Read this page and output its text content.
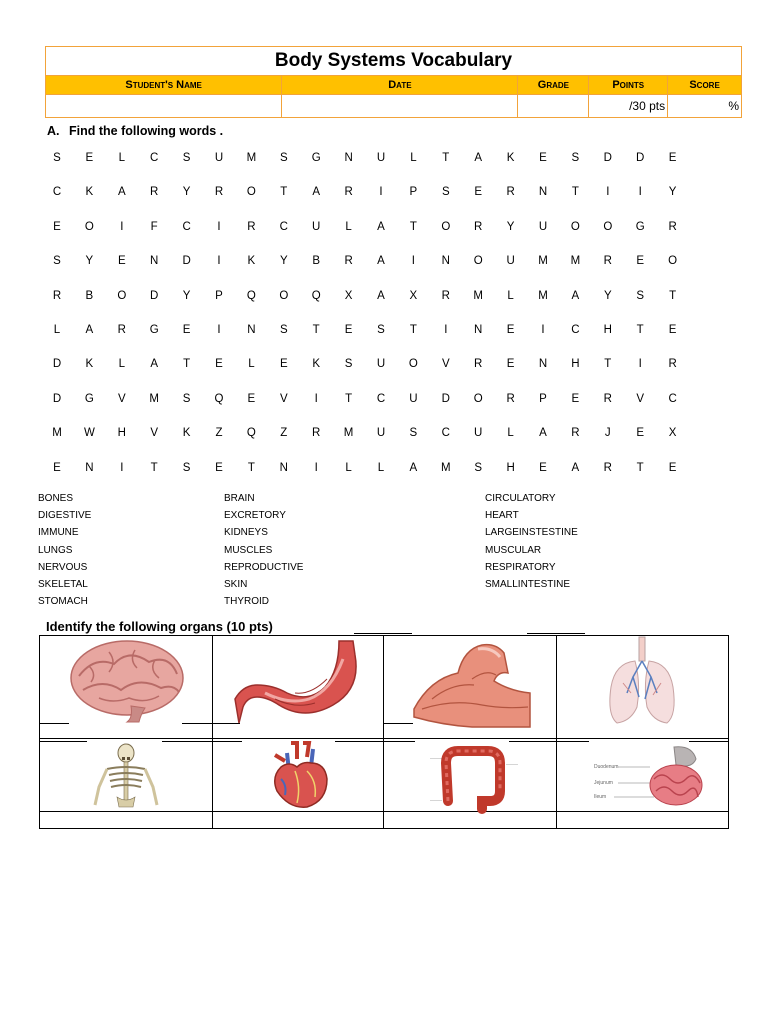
Body Systems Vocabulary				
Student's Name	Date	Grade	Points	Score
			/30 pts	%
A. Find the following words .
S	E	L	C	S	U	M	S	G	N	U	L	T	A	K	E	S	D	D	E
C	K	A	R	Y	R	O	T	A	R	I	P	S	E	R	N	T	I	I	Y
E	O	I	F	C	I	R	C	U	L	A	T	O	R	Y	U	O	O	G	R
S	Y	E	N	D	I	K	Y	B	R	A	I	N	O	U	M	M	R	E	O
R	B	O	D	Y	P	Q	O	Q	X	A	X	R	M	L	M	A	Y	S	T
L	A	R	G	E	I	N	S	T	E	S	T	I	N	E	I	C	H	T	E
D	K	L	A	T	E	L	E	K	S	U	O	V	R	E	N	H	T	I	R
D	G	V	M	S	Q	E	V	I	T	C	U	D	O	R	P	E	R	V	C
M	W	H	V	K	Z	Q	Z	R	M	U	S	C	U	L	A	R	J	E	X
E	N	I	T	S	E	T	N	I	L	L	A	M	S	H	E	A	R	T	E
BONES
DIGESTIVE
IMMUNE
LUNGS
NERVOUS
SKELETAL
STOMACH
BRAIN
EXCRETORY
KIDNEYS
MUSCLES
REPRODUCTIVE
SKIN
THYROID
CIRCULATORY
HEART
LARGEINSTESTINE
MUSCULAR
RESPIRATORY
SMALLINTESTINE
Identify the following organs (10 pts)
———
———
———
Duodenum
Jejunum
Ileum
